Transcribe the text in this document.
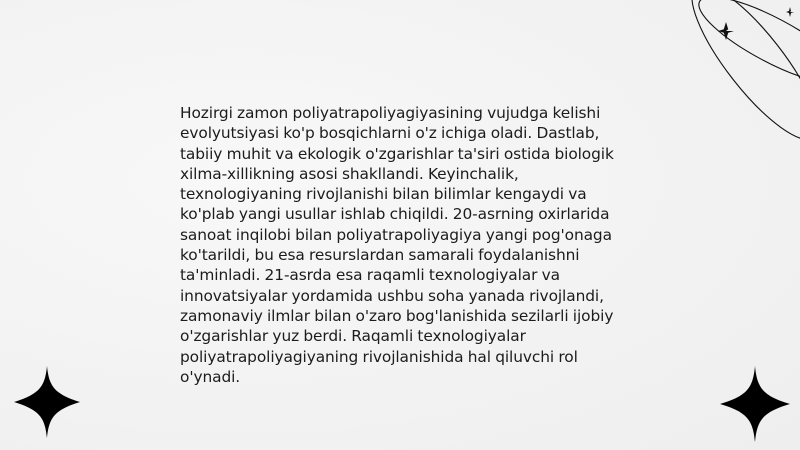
Hozirgi zamon poliyatrapoliyagiyasining vujudga kelishi evolyutsiyasi ko'p bosqichlarni o'z ichiga oladi. Dastlab, tabiiy muhit va ekologik o'zgarishlar ta'siri ostida biologik xilma-xillikning asosi shakllandi. Keyinchalik, texnologiyaning rivojlanishi bilan bilimlar kengaydi va ko'plab yangi usullar ishlab chiqildi. 20-asrning oxirlarida sanoat inqilobi bilan poliyatrapoliyagiya yangi pog'onaga ko'tarildi, bu esa resurslardan samarali foydalanishni ta'minladi. 21-asrda esa raqamli texnologiyalar va innovatsiyalar yordamida ushbu soha yanada rivojlandi, zamonaviy ilmlar bilan o'zaro bog'lanishida sezilarli ijobiy o'zgarishlar yuz berdi. Raqamli texnologiyalar poliyatrapoliyagiyaning rivojlanishida hal qiluvchi rol o'ynadi.
